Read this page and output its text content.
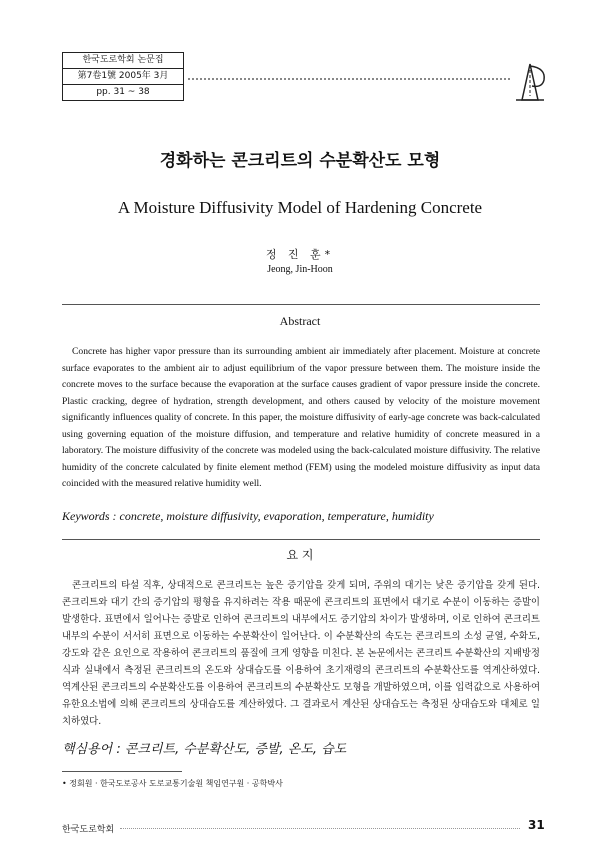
한국도로학회 논문집
第7卷1號 2005年 3月
pp. 31 ~ 38
경화하는 콘크리트의 수분확산도 모형
A Moisture Diffusivity Model of Hardening Concrete
정 진 훈*
Jeong, Jin-Hoon
Abstract

Concrete has higher vapor pressure than its surrounding ambient air immediately after placement. Moisture at concrete surface evaporates to the ambient air to adjust equilibrium of the vapor pressure between them. The moisture inside the concrete moves to the surface because the evaporation at the surface causes gradient of vapor pressure inside the concrete. Plastic cracking, degree of hydration, strength development, and others caused by velocity of the moisture movement significantly influences quality of concrete. In this paper, the moisture diffusivity of early-age concrete was back-calculated using governing equation of the moisture diffusion, and temperature and relative humidity of concrete measured in a laboratory. The moisture diffusivity of the concrete was modeled using the back-calculated moisture diffusivity. The relative humidity of the concrete calculated by finite element method (FEM) using the modeled moisture diffusivity as input data coincided with the measured relative humidity well.

Keywords : concrete, moisture diffusivity, evaporation, temperature, humidity
요 지

콘크리트의 타설 직후, 상대적으로 콘크리트는 높은 증기압을 갖게 되며, 주위의 대기는 낮은 증기압을 갖게 된다. 콘크리트와 대기 간의 증기압의 평형을 유지하려는 작용 때문에 콘크리트의 표면에서 대기로 수분이 이동하는 증발이 발생한다. 표면에서 일어나는 증발로 인하여 콘크리트의 내부에서도 증기압의 차이가 발생하며, 이로 인하여 콘크리트 내부의 수분이 서서히 표면으로 이동하는 수분확산이 일어난다. 이 수분확산의 속도는 콘크리트의 소성 균열, 수화도, 강도와 같은 요인으로 작용하여 콘크리트의 품질에 크게 영향을 미친다. 본 논문에서는 콘크리트 수분확산의 지배방정식과 실내에서 측정된 콘크리트의 온도와 상대습도를 이용하여 초기재령의 콘크리트의 수분확산도를 역계산하였다. 역계산된 콘크리트의 수분확산도를 이용하여 콘크리트의 수분확산도 모형을 개발하였으며, 이를 입력값으로 사용하여 유한요소법에 의해 콘크리트의 상대습도를 계산하였다. 그 결과로서 계산된 상대습도는 측정된 상대습도와 대체로 일치하였다.

핵심용어 : 콘크리트, 수분확산도, 증발, 온도, 습도
• 정회원 · 한국도로공사 도로교통기술원 책임연구원 · 공학박사
한국도로학회	31
